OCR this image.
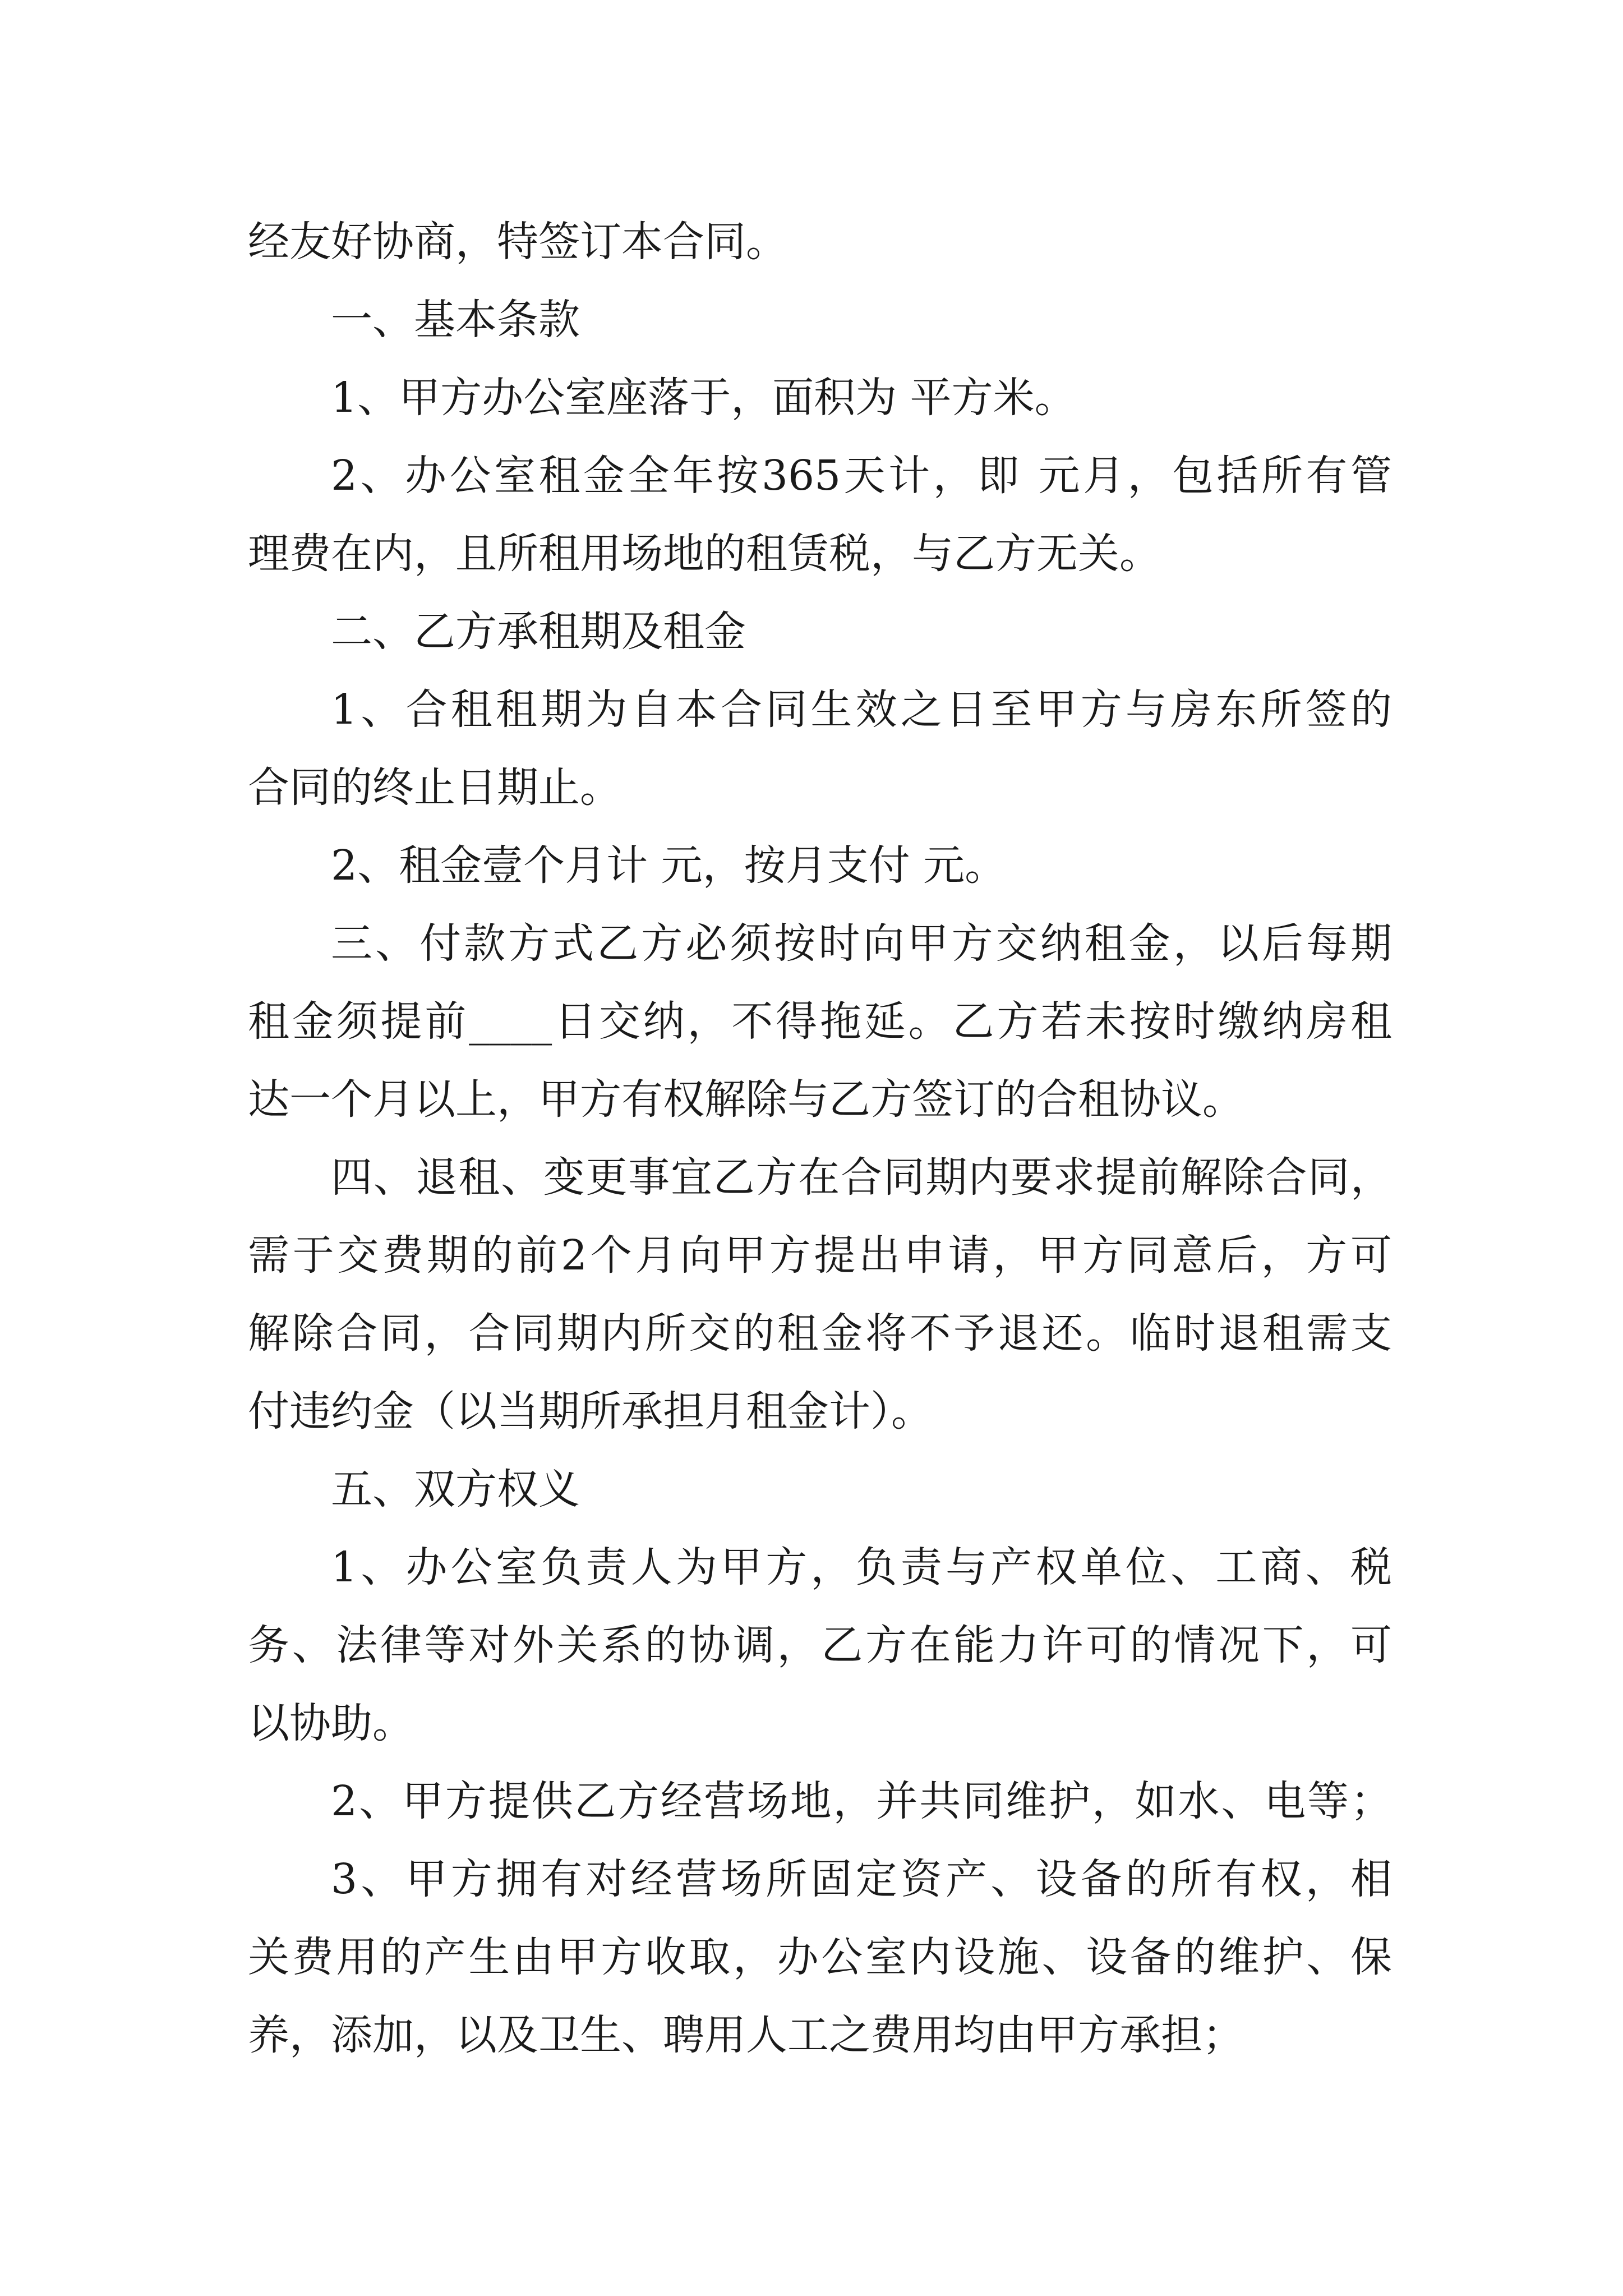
经友好协商，特签订本合同。
一、基本条款
1、甲方办公室座落于，面积为 平方米。
2、办公室租金全年按365天计，即 元月，包括所有管
理费在内，且所租用场地的租赁税，与乙方无关。
二、乙方承租期及租金
1、合租租期为自本合同生效之日至甲方与房东所签的
合同的终止日期止。
2、租金壹个月计 元，按月支付 元。
三、付款方式乙方必须按时向甲方交纳租金，以后每期
租金须提前____日交纳，不得拖延。乙方若未按时缴纳房租
达一个月以上，甲方有权解除与乙方签订的合租协议。
四、退租、变更事宜乙方在合同期内要求提前解除合同，
需于交费期的前2个月向甲方提出申请，甲方同意后，方可
解除合同，合同期内所交的租金将不予退还。临时退租需支
付违约金（以当期所承担月租金计）。
五、双方权义
1、办公室负责人为甲方，负责与产权单位、工商、税
务、法律等对外关系的协调，乙方在能力许可的情况下，可
以协助。
2、甲方提供乙方经营场地，并共同维护，如水、电等；
3、甲方拥有对经营场所固定资产、设备的所有权，相
关费用的产生由甲方收取，办公室内设施、设备的维护、保
养，添加，以及卫生、聘用人工之费用均由甲方承担；
